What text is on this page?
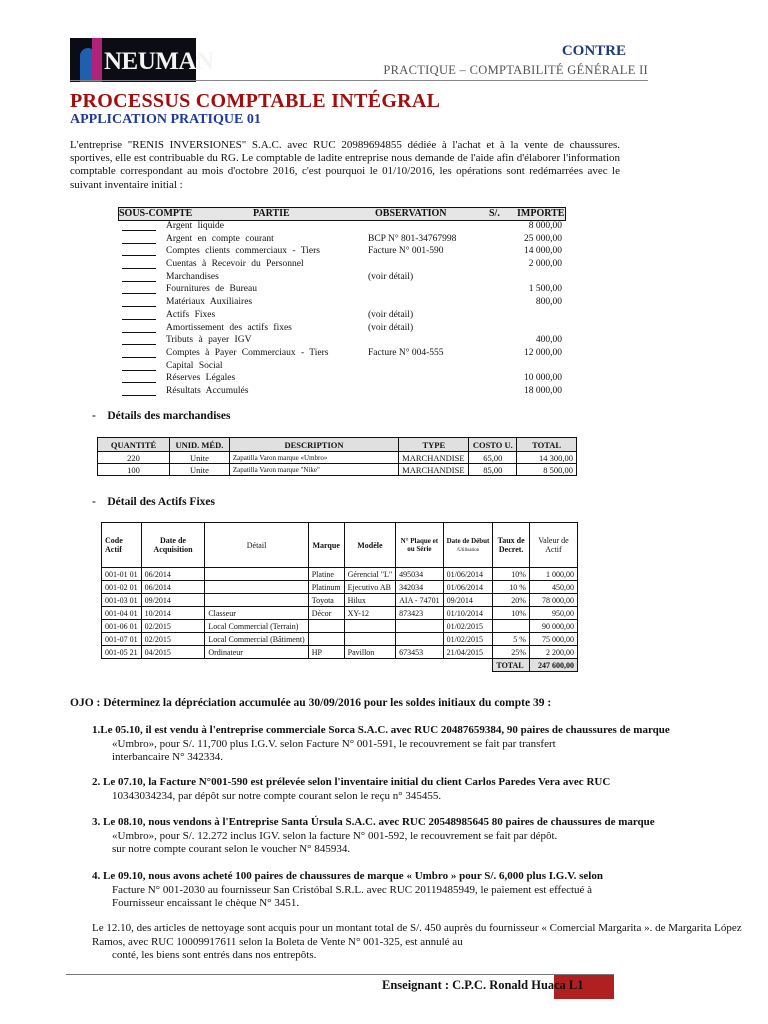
NEUMAN	CONTRE
PRACTIQUE – COMPTABILITÉ GÉNÉRALE II
PROCESSUS COMPTABLE INTÉGRAL
APPLICATION PRATIQUE 01
L'entreprise "RENIS INVERSIONES" S.A.C. avec RUC 20989694855 dédiée à l'achat et à la vente de chaussures. sportives, elle est contribuable du RG. Le comptable de ladite entreprise nous demande de l'aide afin d'élaborer l'information comptable correspondant au mois d'octobre 2016, c'est pourquoi le 01/10/2016, les opérations sont redémarrées avec le suivant inventaire initial :
SOUS-COMPTE	PARTIE	OBSERVATION	S/. IMPORTE
Argent liquide	8 000,00
Argent en compte courant	BCP N° 801-34767998	25 000,00
Comptes clients commerciaux - Tiers	Facture N° 001-590	14 000,00
Cuentas à Recevoir du Personnel	2 000,00
Marchandises	(voir détail)
Fournitures de Bureau	1 500,00
Matériaux Auxiliaires	800,00
Actifs Fixes	(voir détail)
Amortissement des actifs fixes	(voir détail)
Tributs à payer IGV	400,00
Comptes à Payer Commerciaux - Tiers	Facture N° 004-555	12 000,00
Capital Social
Réserves Légales	10 000,00
Résultats Accumulés	18 000,00
-    Détails des marchandises
QUANTITÉ	UNID. MÉD.	DESCRIPTION	TYPE	COSTO U.	TOTAL
220	Unite	Zapatilla Varon marque «Umbro»	MARCHANDISE	65,00	14 300,00
100	Unite	Zapatilla Varon marque "Nike"	MARCHANDISE	85,00	8 500,00
-    Détail des Actifs Fixes
Code Actif	Date de Acquisition	Détail	Marque	Modèle	N° Plaque et ou Série	Date de Début
/Utilisation	Taux de Decret.	Valeur de Actif
001-01 01	06/2014		Platine	Gérencial "L"	495034	01/06/2014	10%	1 000,00
001-02 01	06/2014		Platinum	Ejecutivo AB	342034	01/06/2014	10 %	450,00
001-03 01	09/2014		Toyota	Hilux	AIA - 74701	09/2014	20%	78 000,00
001-04 01	10/2014	Classeur	Décor	XY-12	873423	01/10/2014	10%	950,00
001-06 01	02/2015	Local Commercial (Terrain)				01/02/2015		90 000,00
001-07 01	02/2015	Local Commercial (Bâtiment)				01/02/2015	5 %	75 000,00
001-05 21	04/2015	Ordinateur	HP	Pavillon	673453	21/04/2015	25%	2 200,00
							TOTAL	247 600,00
OJO : Déterminez la dépréciation accumulée au 30/09/2016 pour les soldes initiaux du compte 39 :
1.Le 05.10, il est vendu à l'entreprise commerciale Sorca S.A.C. avec RUC 20487659384, 90 paires de chaussures de marque
«Umbro», pour S/. 11,700 plus I.G.V. selon Facture N° 001-591, le recouvrement se fait par transfert
interbancaire N° 342334.
2. Le 07.10, la Facture N°001-590 est prélevée selon l'inventaire initial du client Carlos Paredes Vera avec RUC
10343034234, par dépôt sur notre compte courant selon le reçu n° 345455.
3. Le 08.10, nous vendons à l'Entreprise Santa Úrsula S.A.C. avec RUC 20548985645 80 paires de chaussures de marque
«Umbro», pour S/. 12.272 inclus IGV. selon la facture N° 001-592, le recouvrement se fait par dépôt.
sur notre compte courant selon le voucher N° 845934.
4. Le 09.10, nous avons acheté 100 paires de chaussures de marque « Umbro » pour S/. 6,000 plus I.G.V. selon
Facture N° 001-2030 au fournisseur San Cristóbal S.R.L. avec RUC 20119485949, le paiement est effectué à
Fournisseur encaissant le chèque N° 3451.
Le 12.10, des articles de nettoyage sont acquis pour un montant total de S/. 450 auprès du fournisseur « Comercial Margarita ». de Margarita López Ramos, avec RUC 10009917611 selon la Boleta de Vente N° 001-325, est annulé au
conté, les biens sont entrés dans nos entrepôts.
ca L1
Enseignant : C.P.C. Ronald Huac
